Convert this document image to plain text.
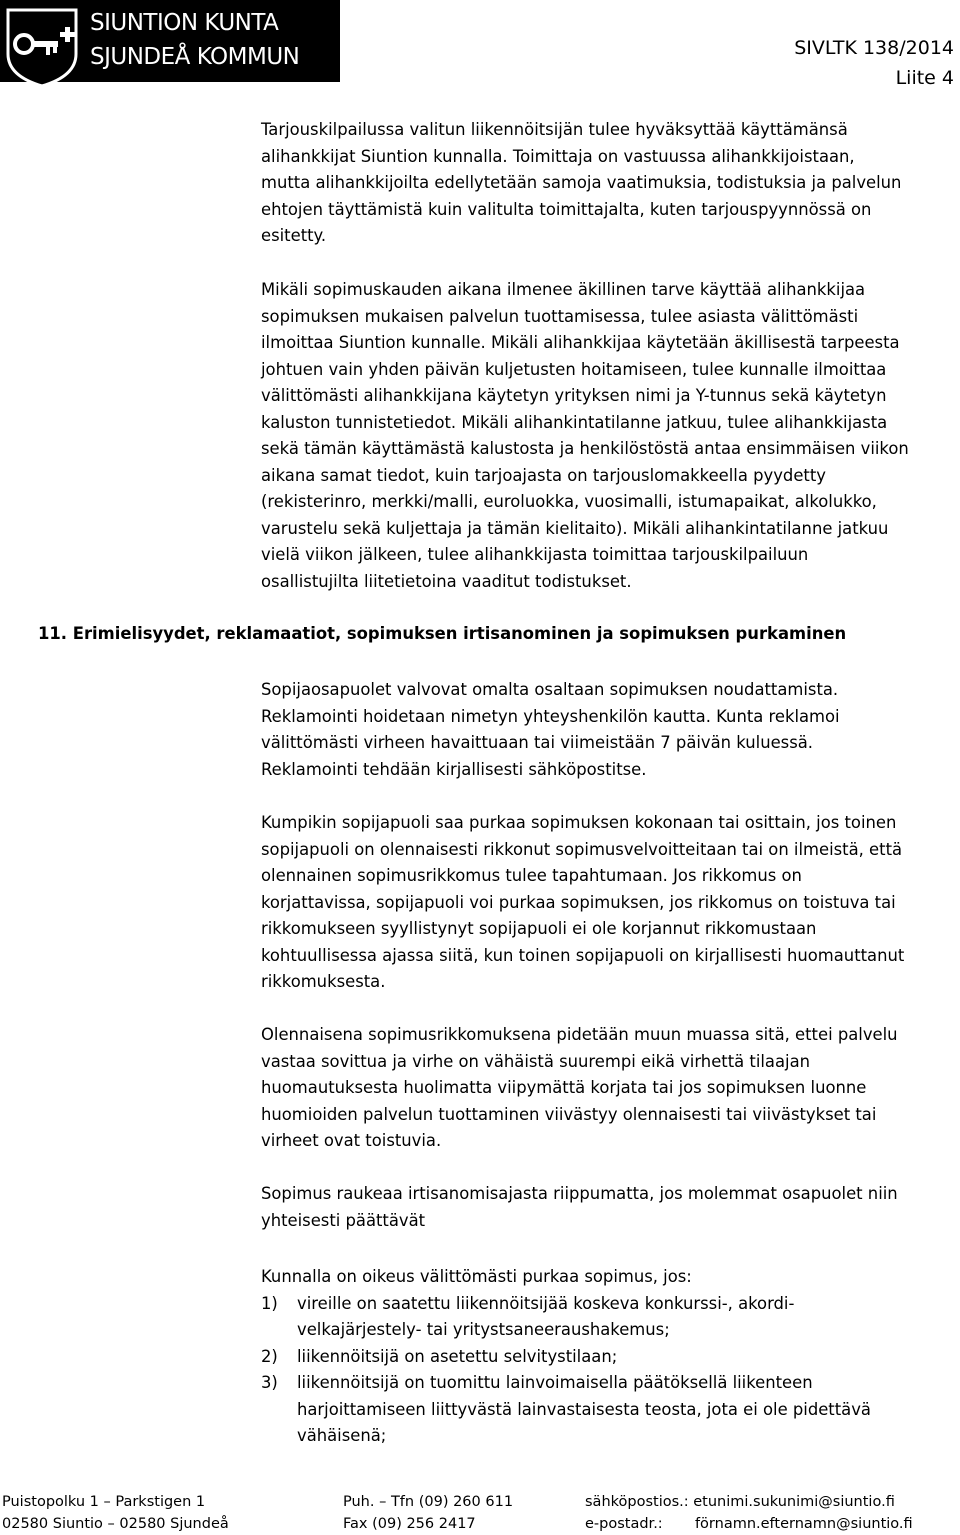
SIUNTION KUNTA
SJUNDEÅ KOMMUN	SIVLTK 138/2014
Liite 4

Tarjouskilpailussa valitun liikennöitsijän tulee hyväksyttää käyttämänsä

alihankkijat Siuntion kunnalla. Toimittaja on vastuussa alihankkijoistaan,

mutta alihankkijoilta edellytetään samoja vaatimuksia, todistuksia ja palvelun

ehtojen täyttämistä kuin valitulta toimittajalta, kuten tarjouspyynnössä on

esitetty.

Mikäli sopimuskauden aikana ilmenee äkillinen tarve käyttää alihankkijaa

sopimuksen mukaisen palvelun tuottamisessa, tulee asiasta välittömästi

ilmoittaa Siuntion kunnalle. Mikäli alihankkijaa käytetään äkillisestä tarpeesta

johtuen vain yhden päivän kuljetusten hoitamiseen, tulee kunnalle ilmoittaa

välittömästi alihankkijana käytetyn yrityksen nimi ja Y-tunnus sekä käytetyn

kaluston tunnistetiedot. Mikäli alihankintatilanne jatkuu, tulee alihankkijasta

sekä tämän käyttämästä kalustosta ja henkilöstöstä antaa ensimmäisen viikon

aikana samat tiedot, kuin tarjoajasta on tarjouslomakkeella pyydetty

(rekisterinro, merkki/malli, euroluokka, vuosimalli, istumapaikat, alkolukko,

varustelu sekä kuljettaja ja tämän kielitaito). Mikäli alihankintatilanne jatkuu

vielä viikon jälkeen, tulee alihankkijasta toimittaa tarjouskilpailuun

osallistujilta liitetietoina vaaditut todistukset.

11. Erimielisyydet, reklamaatiot, sopimuksen irtisanominen ja sopimuksen purkaminen

Sopijaosapuolet valvovat omalta osaltaan sopimuksen noudattamista.

Reklamointi hoidetaan nimetyn yhteyshenkilön kautta. Kunta reklamoi

välittömästi virheen havaittuaan tai viimeistään 7 päivän kuluessä.

Reklamointi tehdään kirjallisesti sähköpostitse.

Kumpikin sopijapuoli saa purkaa sopimuksen kokonaan tai osittain, jos toinen

sopijapuoli on olennaisesti rikkonut sopimusvelvoitteitaan tai on ilmeistä, että

olennainen sopimusrikkomus tulee tapahtumaan. Jos rikkomus on

korjattavissa, sopijapuoli voi purkaa sopimuksen, jos rikkomus on toistuva tai

rikkomukseen syyllistynyt sopijapuoli ei ole korjannut rikkomustaan

kohtuullisessa ajassa siitä, kun toinen sopijapuoli on kirjallisesti huomauttanut

rikkomuksesta.

Olennaisena sopimusrikkomuksena pidetään muun muassa sitä, ettei palvelu

vastaa sovittua ja virhe on vähäistä suurempi eikä virhettä tilaajan

huomautuksesta huolimatta viipymättä korjata tai jos sopimuksen luonne

huomioiden palvelun tuottaminen viivästyy olennaisesti tai viivästykset tai

virheet ovat toistuvia.

Sopimus raukeaa irtisanomisajasta riippumatta, jos molemmat osapuolet niin

yhteisesti päättävät

Kunnalla on oikeus välittömästi purkaa sopimus, jos:

1)	vireille on saatettu liikennöitsijää koskeva konkurssi-, akordi-

velkajärjestely- tai yritystsaneeraushakemus;

2)	liikennöitsijä on asetettu selvitystilaan;

3)	liikennöitsijä on tuomittu lainvoimaisella päätöksellä liikenteen

harjoittamiseen liittyvästä lainvastaisesta teosta, jota ei ole pidettävä

vähäisenä;

Puistopolku 1 – Parkstigen 1
02580 Siuntio – 02580 Sjundeå
Puh. – Tfn (09) 260 611
Fax (09) 256 2417
sähköpostios.: etunimi.sukunimi@siuntio.fi
e-postadr.: förnamn.efternamn@siuntio.fi
